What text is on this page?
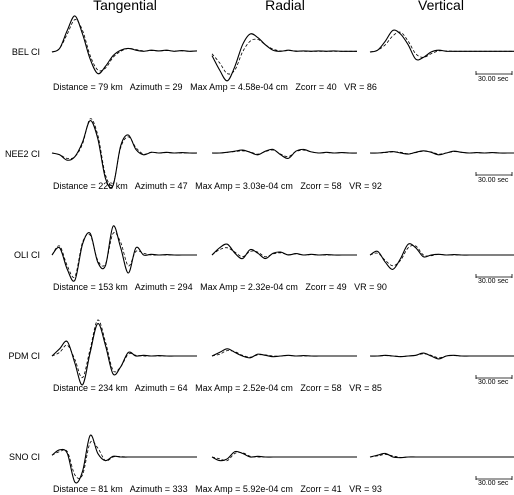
Tangential	Radial	Vertical
BEL CI
NEE2 CI
OLI CI
PDM CI
SNO CI
Distance = 79 km   Azimuth = 29   Max Amp = 4.58e-04 cm   Zcorr = 40   VR = 86
Distance = 226 km   Azimuth = 47   Max Amp = 3.03e-04 cm   Zcorr = 58   VR = 92
Distance = 153 km   Azimuth = 294   Max Amp = 2.32e-04 cm   Zcorr = 49   VR = 90
Distance = 234 km   Azimuth = 64   Max Amp = 2.52e-04 cm   Zcorr = 58   VR = 85
Distance = 81 km   Azimuth = 333   Max Amp = 5.92e-04 cm   Zcorr = 41   VR = 93
30.00 sec
30.00 sec
30.00 sec
30.00 sec
30.00 sec
